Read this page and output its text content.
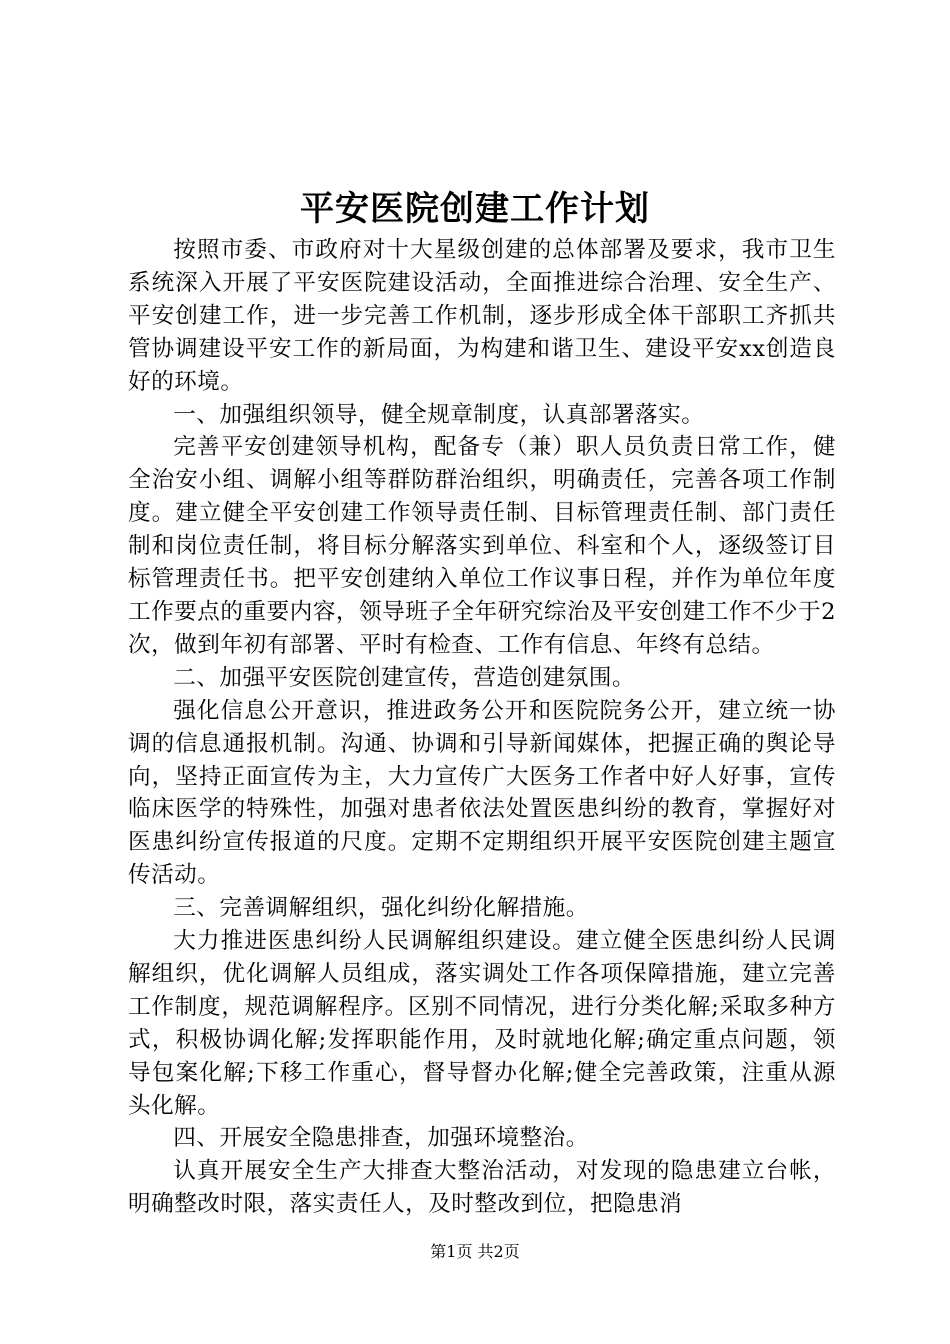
平安医院创建工作计划

按照市委、市政府对十大星级创建的总体部署及要求，我市卫生系统深入开展了平安医院建设活动，全面推进综合治理、安全生产、平安创建工作，进一步完善工作机制，逐步形成全体干部职工齐抓共管协调建设平安工作的新局面，为构建和谐卫生、建设平安xx创造良好的环境。

一、加强组织领导，健全规章制度，认真部署落实。

完善平安创建领导机构，配备专（兼）职人员负责日常工作，健全治安小组、调解小组等群防群治组织，明确责任，完善各项工作制度。建立健全平安创建工作领导责任制、目标管理责任制、部门责任制和岗位责任制，将目标分解落实到单位、科室和个人，逐级签订目标管理责任书。把平安创建纳入单位工作议事日程，并作为单位年度工作要点的重要内容，领导班子全年研究综治及平安创建工作不少于2次，做到年初有部署、平时有检查、工作有信息、年终有总结。

二、加强平安医院创建宣传，营造创建氛围。

强化信息公开意识，推进政务公开和医院院务公开，建立统一协调的信息通报机制。沟通、协调和引导新闻媒体，把握正确的舆论导向，坚持正面宣传为主，大力宣传广大医务工作者中好人好事，宣传临床医学的特殊性，加强对患者依法处置医患纠纷的教育，掌握好对医患纠纷宣传报道的尺度。定期不定期组织开展平安医院创建主题宣传活动。

三、完善调解组织，强化纠纷化解措施。

大力推进医患纠纷人民调解组织建设。建立健全医患纠纷人民调解组织，优化调解人员组成，落实调处工作各项保障措施，建立完善工作制度，规范调解程序。区别不同情况，进行分类化解;采取多种方式，积极协调化解;发挥职能作用，及时就地化解;确定重点问题，领导包案化解;下移工作重心，督导督办化解;健全完善政策，注重从源头化解。

四、开展安全隐患排查，加强环境整治。

认真开展安全生产大排查大整治活动，对发现的隐患建立台帐，明确整改时限，落实责任人，及时整改到位，把隐患消

第1页 共2页
